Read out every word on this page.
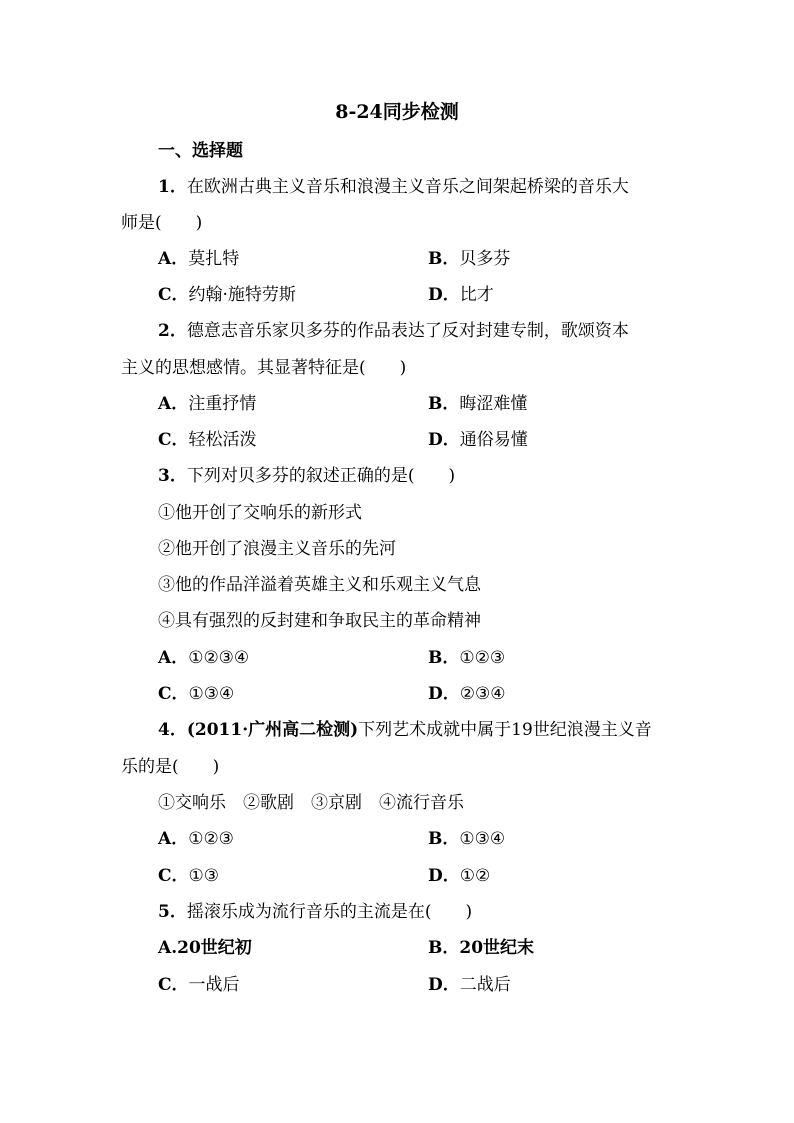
8-24同步检测
一、选择题
1．在欧洲古典主义音乐和浪漫主义音乐之间架起桥梁的音乐大
师是(　　)
A．莫扎特	B．贝多芬
C．约翰·施特劳斯	D．比才
2．德意志音乐家贝多芬的作品表达了反对封建专制，歌颂资本
主义的思想感情。其显著特征是(　　)
A．注重抒情	B．晦涩难懂
C．轻松活泼	D．通俗易懂
3．下列对贝多芬的叙述正确的是(　　)
①他开创了交响乐的新形式
②他开创了浪漫主义音乐的先河
③他的作品洋溢着英雄主义和乐观主义气息
④具有强烈的反封建和争取民主的革命精神
A．①②③④	B．①②③
C．①③④	D．②③④
4．(2011·广州高二检测)下列艺术成就中属于19世纪浪漫主义音
乐的是(　　)
①交响乐　②歌剧　③京剧　④流行音乐
A．①②③	B．①③④
C．①③	D．①②
5．摇滚乐成为流行音乐的主流是在(　　)
A.20世纪初	B．20世纪末
C．一战后	D．二战后
